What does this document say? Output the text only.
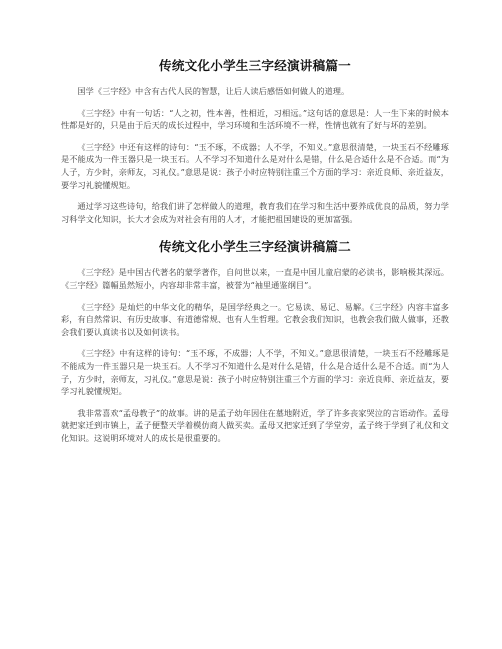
传统文化小学生三字经演讲稿篇一

国学《三字经》中含有古代人民的智慧，让后人读后感悟如何做人的道理。

《三字经》中有一句话：“人之初，性本善，性相近，习相远。”这句话的意思是：人一生下来的时候本性都是好的，只是由于后天的成长过程中，学习环境和生活环境不一样，性情也就有了好与坏的差别。

《三字经》中还有这样的诗句：“玉不琢，不成器；人不学，不知义。”意思很清楚，一块玉石不经雕琢是不能成为一件玉器只是一块玉石。人不学习不知道什么是对什么是错，什么是合适什么是不合适。而“为人子，方少时，亲师友，习礼仪。”意思是说：孩子小时应特别注重三个方面的学习：亲近良师、亲近益友，要学习礼貌懂规矩。

通过学习这些诗句，给我们讲了怎样做人的道理，教育我们在学习和生活中要养成优良的品质，努力学习科学文化知识，长大才会成为对社会有用的人才，才能把祖国建设的更加富强。

传统文化小学生三字经演讲稿篇二

《三字经》是中国古代著名的蒙学著作，自问世以来，一直是中国儿童启蒙的必读书，影响极其深远。《三字经》篇幅虽然短小，内容却非常丰富，被誉为“袖里通鉴纲目”。

《三字经》是灿烂的中华文化的精华，是国学经典之一。它易读、易记、易解。《三字经》内容丰富多彩，有自然常识、有历史故事、有道德常规、也有人生哲理。它教会我们知识，也教会我们做人做事，还教会我们要认真读书以及如何读书。

《三字经》中有这样的诗句：“玉不琢，不成器；人不学，不知义。”意思很清楚，一块玉石不经雕琢是不能成为一件玉器只是一块玉石。人不学习不知道什么是对什么是错，什么是合适什么是不合适。而“为人子，方少时，亲师友，习礼仪。”意思是说：孩子小时应特别注重三个方面的学习：亲近良师、亲近益友，要学习礼貌懂规矩。

我非常喜欢“孟母教子”的故事。讲的是孟子幼年因住在墓地附近，学了许多丧家哭泣的言语动作。孟母就把家迁到市镇上，孟子便整天学着模仿商人做买卖。孟母又把家迁到了学堂旁，孟子终于学到了礼仪和文化知识。这说明环境对人的成长是很重要的。
